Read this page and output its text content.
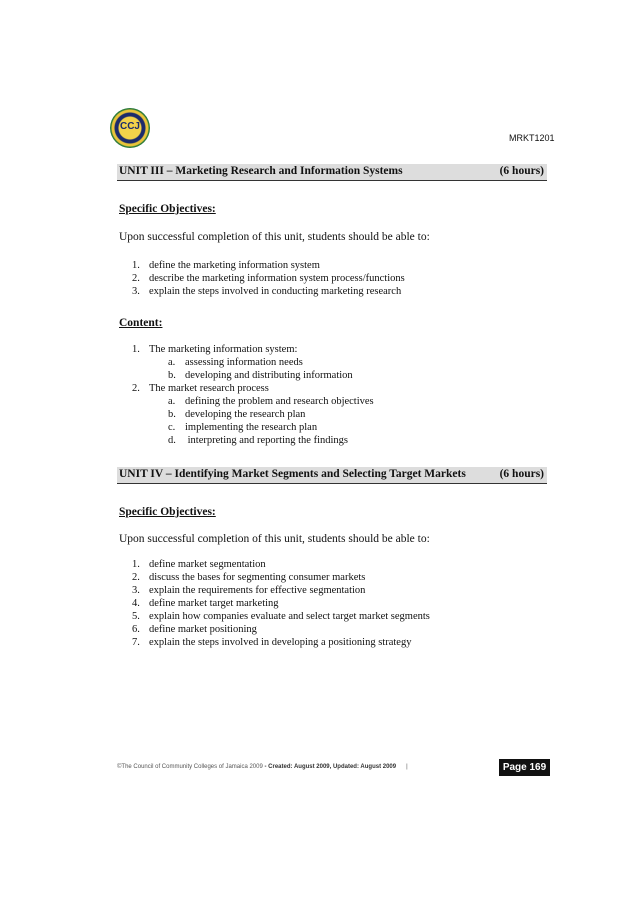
CCJ
MRKT1201
UNIT III – Marketing Research and Information Systems	(6 hours)
Specific Objectives:
Upon successful completion of this unit, students should be able to:
1. define the marketing information system
2. describe the marketing information system process/functions
3. explain the steps involved in conducting marketing research
Content:
1. The marketing information system:
a. assessing information needs
b. developing and distributing information
2. The market research process
a. defining the problem and research objectives
b. developing the research plan
c. implementing the research plan
d. interpreting and reporting the findings
UNIT IV – Identifying Market Segments and Selecting Target Markets	(6 hours)
Specific Objectives:
Upon successful completion of this unit, students should be able to:
1. define market segmentation
2. discuss the bases for segmenting consumer markets
3. explain the requirements for effective segmentation
4. define market target marketing
5. explain how companies evaluate and select target market segments
6. define market positioning
7. explain the steps involved in developing a positioning strategy
©The Council of Community Colleges of Jamaica 2009 - Created: August 2009, Updated: August 2009 |	Page 169
